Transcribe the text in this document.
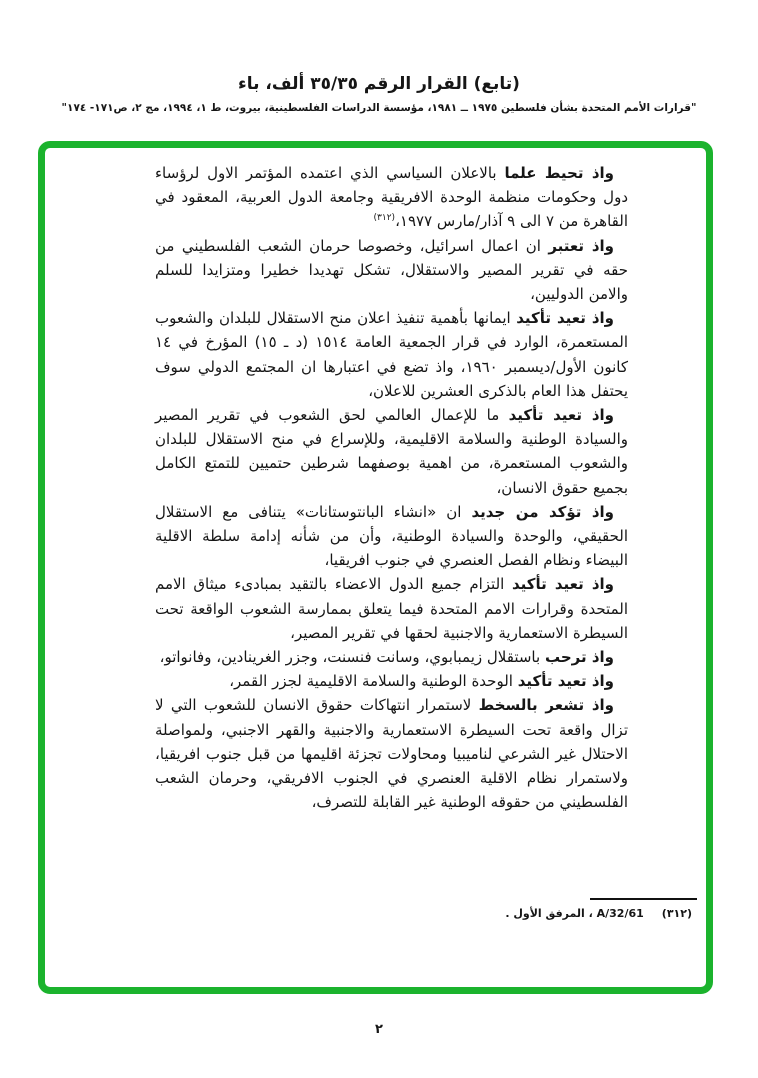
(تابع) القرار الرقم ٣٥/٣٥ ألف، باء
"قرارات الأمم المتحدة بشأن فلسطين ١٩٧٥ ــ ١٩٨١، مؤسسة الدراسات الفلسطينية، بيروت، ط ١، ١٩٩٤، مج ٢، ص١٧١- ١٧٤"

واذ تحيط علما بالاعلان السياسي الذي اعتمده المؤتمر الاول لرؤساء دول وحكومات منظمة الوحدة الافريقية وجامعة الدول العربية، المعقود في القاهرة من ٧ الى ٩ آذار/مارس ١٩٧٧،$^{(٣١٢)}$

واذ تعتبر ان اعمال اسرائيل، وخصوصا حرمان الشعب الفلسطيني من حقه في تقرير المصير والاستقلال، تشكل تهديدا خطيرا ومتزايدا للسلم والامن الدوليين،

واذ تعيد تأكيد ايمانها بأهمية تنفيذ اعلان منح الاستقلال للبلدان والشعوب المستعمرة، الوارد في قرار الجمعية العامة ١٥١٤ (د ـ ١٥) المؤرخ في ١٤ كانون الأول/ديسمبر ١٩٦٠، واذ تضع في اعتبارها ان المجتمع الدولي سوف يحتفل هذا العام بالذكرى العشرين للاعلان،

واذ تعيد تأكيد ما للإعمال العالمي لحق الشعوب في تقرير المصير والسيادة الوطنية والسلامة الاقليمية، وللإسراع في منح الاستقلال للبلدان والشعوب المستعمرة، من اهمية بوصفهما شرطين حتميين للتمتع الكامل بجميع حقوق الانسان،

واذ تؤكد من جديد ان «انشاء البانتوستانات» يتنافى مع الاستقلال الحقيقي، والوحدة والسيادة الوطنية، وأن من شأنه إدامة سلطة الاقلية البيضاء ونظام الفصل العنصري في جنوب افريقيا،

واذ تعيد تأكيد التزام جميع الدول الاعضاء بالتقيد بمبادىء ميثاق الامم المتحدة وقرارات الامم المتحدة فيما يتعلق بممارسة الشعوب الواقعة تحت السيطرة الاستعمارية والاجنبية لحقها في تقرير المصير،

واذ ترحب باستقلال زيمبابوي، وسانت فنسنت، وجزر الغرينادين، وفانواتو،

واذ تعيد تأكيد الوحدة الوطنية والسلامة الاقليمية لجزر القمر،

واذ تشعر بالسخط لاستمرار انتهاكات حقوق الانسان للشعوب التي لا تزال واقعة تحت السيطرة الاستعمارية والاجنبية والقهر الاجنبي، ولمواصلة الاحتلال غير الشرعي لناميبيا ومحاولات تجزئة اقليمها من قبل جنوب افريقيا، ولاستمرار نظام الاقلية العنصري في الجنوب الافريقي، وحرمان الشعب الفلسطيني من حقوقه الوطنية غير القابلة للتصرف،

(٣١٢)
A/32/61 ، المرفق الأول .
٢
